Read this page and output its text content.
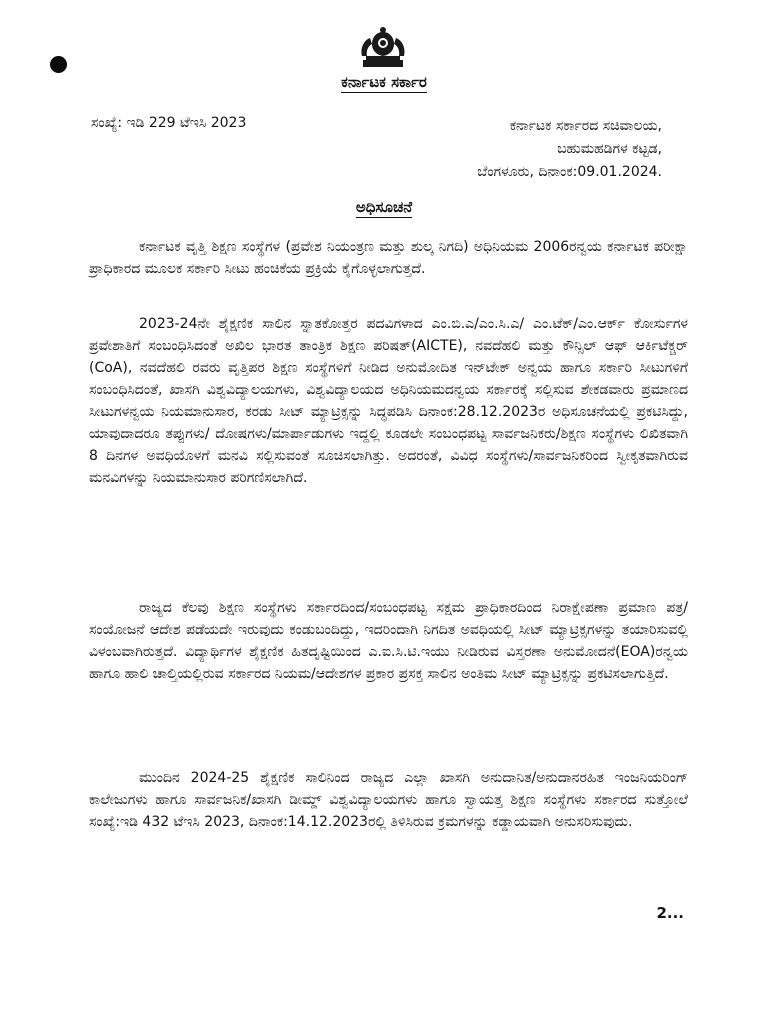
ಕರ್ನಾಟಕ ಸರ್ಕಾರ
ಸಂಖ್ಯೆ: ಇಡಿ 229 ಟೆಇಸಿ 2023	ಕರ್ನಾಟಕ ಸರ್ಕಾರದ ಸಚಿವಾಲಯ,
ಬಹುಮಹಡಿಗಳ ಕಟ್ಟಡ,
ಬೆಂಗಳೂರು, ದಿನಾಂಕ:09.01.2024.
ಅಧಿಸೂಚನೆ

ಕರ್ನಾಟಕ ವೃತ್ತಿ ಶಿಕ್ಷಣ ಸಂಸ್ಥೆಗಳ (ಪ್ರವೇಶ ನಿಯಂತ್ರಣ ಮತ್ತು ಶುಲ್ಕ ನಿಗದಿ) ಅಧಿನಿಯಮ 2006ರನ್ವಯ ಕರ್ನಾಟಕ ಪರೀಕ್ಷಾ ಪ್ರಾಧಿಕಾರದ ಮೂಲಕ ಸರ್ಕಾರಿ ಸೀಟು ಹಂಚಿಕೆಯ ಪ್ರಕ್ರಿಯೆ ಕೈಗೊಳ್ಳಲಾಗುತ್ತದೆ.

2023-24ನೇ ಶೈಕ್ಷಣಿಕ ಸಾಲಿನ ಸ್ನಾತಕೋತ್ತರ ಪದವಿಗಳಾದ ಎಂ.ಬಿ.ಎ/ಎಂ.ಸಿ.ಎ/ ಎಂ.ಟೆಕ್/ಎಂ.ಆರ್ಕ್ ಕೋರ್ಸುಗಳ ಪ್ರವೇಶಾತಿಗೆ ಸಂಬಂಧಿಸಿದಂತೆ ಅಖಿಲ ಭಾರತ ತಾಂತ್ರಿಕ ಶಿಕ್ಷಣ ಪರಿಷತ್(AICTE), ನವದೆಹಲಿ ಮತ್ತು ಕೌನ್ಸಿಲ್ ಆಫ್ ಆರ್ಕಿಟೆಕ್ಚರ್ (CoA), ನವದೆಹಲಿ ರವರು ವೃತ್ತಿಪರ ಶಿಕ್ಷಣ ಸಂಸ್ಥೆಗಳಿಗೆ ನೀಡಿದ ಅನುಮೋದಿತ ಇನ್‌ಟೇಕ್ ಅನ್ವಯ ಹಾಗೂ ಸರ್ಕಾರಿ ಸೀಟುಗಳಿಗೆ ಸಂಬಂಧಿಸಿದಂತೆ, ಖಾಸಗಿ ವಿಶ್ವವಿದ್ಯಾಲಯಗಳು, ವಿಶ್ವವಿದ್ಯಾಲಯದ ಅಧಿನಿಯಮದನ್ವಯ ಸರ್ಕಾರಕ್ಕೆ ಸಲ್ಲಿಸುವ ಶೇಕಡವಾರು ಪ್ರಮಾಣದ ಸೀಟುಗಳನ್ವಯ ನಿಯಮಾನುಸಾರ, ಕರಡು ಸೀಟ್ ಮ್ಯಾಟ್ರಿಕ್ಸನ್ನು ಸಿದ್ಧಪಡಿಸಿ ದಿನಾಂಕ:28.12.2023ರ ಅಧಿಸೂಚನೆಯಲ್ಲಿ ಪ್ರಕಟಿಸಿದ್ದು, ಯಾವುದಾದರೂ ತಪ್ಪುಗಳು/ ದೋಷಗಳು/ಮಾರ್ಪಾಡುಗಳು ಇದ್ದಲ್ಲಿ ಕೂಡಲೇ ಸಂಬಂಧಪಟ್ಟ ಸಾರ್ವಜನಿಕರು/ಶಿಕ್ಷಣ ಸಂಸ್ಥೆಗಳು ಲಿಖಿತವಾಗಿ 8 ದಿನಗಳ ಅವಧಿಯೊಳಗೆ ಮನವಿ ಸಲ್ಲಿಸುವಂತೆ ಸೂಚಿಸಲಾಗಿತ್ತು. ಅದರಂತೆ, ವಿವಿಧ ಸಂಸ್ಥೆಗಳು/ಸಾರ್ವಜನಿಕರಿಂದ ಸ್ವೀಕೃತವಾಗಿರುವ ಮನವಿಗಳನ್ನು ನಿಯಮಾನುಸಾರ ಪರಿಗಣಿಸಲಾಗಿದೆ.

ರಾಜ್ಯದ ಕೆಲವು ಶಿಕ್ಷಣ ಸಂಸ್ಥೆಗಳು ಸರ್ಕಾರದಿಂದ/ಸಂಬಂಧಪಟ್ಟ ಸಕ್ಷಮ ಪ್ರಾಧಿಕಾರದಿಂದ ನಿರಾಕ್ಷೇಪಣಾ ಪ್ರಮಾಣ ಪತ್ರ/ ಸಂಯೋಜನೆ ಆದೇಶ ಪಡೆಯದೇ ಇರುವುದು ಕಂಡುಬಂದಿದ್ದು, ಇದರಿಂದಾಗಿ ನಿಗದಿತ ಅವಧಿಯಲ್ಲಿ ಸೀಟ್ ಮ್ಯಾಟ್ರಿಕ್ಸಗಳನ್ನು ತಯಾರಿಸುವಲ್ಲಿ ವಿಳಂಬವಾಗಿರುತ್ತದೆ. ವಿದ್ಯಾರ್ಥಿಗಳ ಶೈಕ್ಷಣಿಕ ಹಿತದೃಷ್ಟಿಯಿಂದ ಎ.ಐ.ಸಿ.ಟಿ.ಇಯು ನೀಡಿರುವ ವಿಸ್ತರಣಾ ಅನುಮೋದನೆ(EOA)ರನ್ವಯ ಹಾಗೂ ಹಾಲಿ ಚಾಲ್ತಿಯಲ್ಲಿರುವ ಸರ್ಕಾರದ ನಿಯಮ/ಆದೇಶಗಳ ಪ್ರಕಾರ ಪ್ರಸಕ್ತ ಸಾಲಿನ ಅಂತಿಮ ಸೀಟ್ ಮ್ಯಾಟ್ರಿಕ್ಸನ್ನು ಪ್ರಕಟಿಸಲಾಗುತ್ತಿದೆ.

ಮುಂದಿನ 2024-25 ಶೈಕ್ಷಣಿಕ ಸಾಲಿನಿಂದ ರಾಜ್ಯದ ಎಲ್ಲಾ ಖಾಸಗಿ ಅನುದಾನಿತ/ಅನುದಾನರಹಿತ ಇಂಜನಿಯರಿಂಗ್ ಕಾಲೇಜುಗಳು ಹಾಗೂ ಸಾರ್ವಜನಿಕ/ಖಾಸಗಿ ಡೀಮ್ಡ್ ವಿಶ್ವವಿದ್ಯಾಲಯಗಳು ಹಾಗೂ ಸ್ವಾಯತ್ತ ಶಿಕ್ಷಣ ಸಂಸ್ಥೆಗಳು ಸರ್ಕಾರದ ಸುತ್ತೋಲೆ ಸಂಖ್ಯೆ:ಇಡಿ 432 ಟೆಇಸಿ 2023, ದಿನಾಂಕ:14.12.2023ರಲ್ಲಿ ತಿಳಿಸಿರುವ ಕ್ರಮಗಳನ್ನು ಕಡ್ಡಾಯವಾಗಿ ಅನುಸರಿಸುವುದು.

2...
